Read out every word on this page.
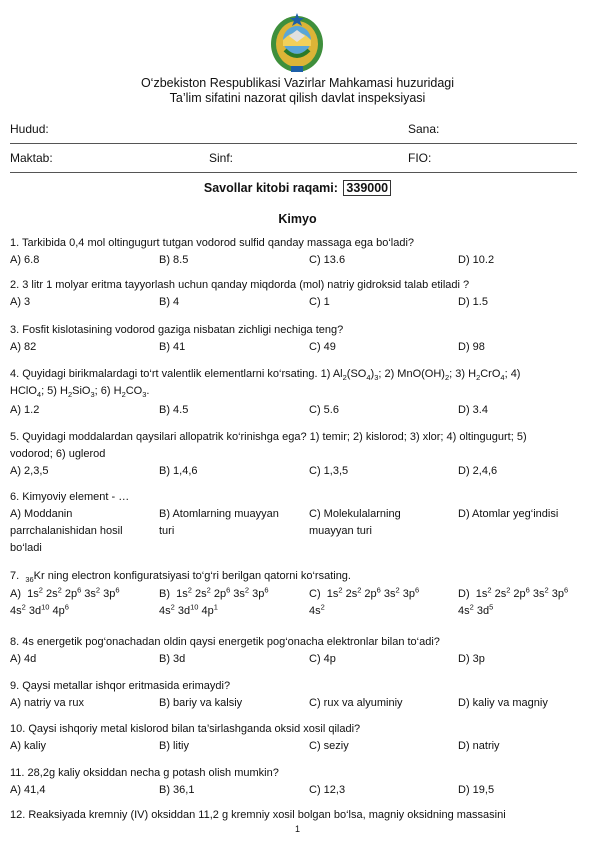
O‘zbekiston Respublikasi Vazirlar Mahkamasi huzuridagi
Ta’lim sifatini nazorat qilish davlat inspeksiyasi
Hudud:	Sana:
Maktab:	Sinf:	FIO:
Savollar kitobi raqami: 339000
Kimyo
1. Tarkibida 0,4 mol oltingugurt tutgan vodorod sulfid qanday massaga ega bo‘ladi?
A) 6.8	B) 8.5	C) 13.6	D) 10.2
2. 3 litr 1 molyar eritma tayyorlash uchun qanday miqdorda (mol) natriy gidroksid talab etiladi ?
A) 3	B) 4	C) 1	D) 1.5
3. Fosfit kislotasining vodorod gaziga nisbatan zichligi nechiga teng?
A) 82	B) 41	C) 49	D) 98
4. Quyidagi birikmalardagi to‘rt valentlik elementlarni ko‘rsating. 1) $Al_2(SO_4)_3$; 2) $MnO(OH)_2$; 3) $H_2CrO_4$; 4)
HClO$_4$; 5) $H_2SiO_3$; 6) $H_2CO_3$.
A) 1.2	B) 4.5	C) 5.6	D) 3.4
5. Quyidagi moddalardan qaysilari allopatrik ko‘rinishga ega? 1) temir; 2) kislorod; 3) xlor; 4) oltingugurt; 5)
vodorod; 6) uglerod
A) 2,3,5	B) 1,4,6	C) 1,3,5	D) 2,4,6
6. Kimyoviy element - …
A) Moddanin parrchalanishidan hosil bo‘ladi
B) Atomlarning muayyan turi
C) Molekulalarning muayyan turi
D) Atomlar yeg‘indisi
7. $_{36}$Kr ning electron konfiguratsiyasi to‘g‘ri berilgan qatorni ko‘rsating.
A)  $1s^2$ $2s^2$ $2p^6$ $3s^2$ $3p^6$
$4s^2$ $3d^{10}$ $4p^6$
B)  $1s^2$ $2s^2$ $2p^6$ $3s^2$ $3p^6$
$4s^2$ $3d^{10}$ $4p^1$
C)  $1s^2$ $2s^2$ $2p^6$ $3s^2$ $3p^6$
$4s^2$
D)  $1s^2$ $2s^2$ $2p^6$ $3s^2$ $3p^6$
$4s^2$ $3d^5$
8. 4s energetik pog‘onachadan oldin qaysi energetik pog‘onacha elektronlar bilan to‘adi?
A) 4d	B) 3d	C) 4p	D) 3p
9. Qaysi metallar ishqor eritmasida erimaydi?
A) natriy va rux	B) bariy va kalsiy	C) rux va alyuminiy	D) kaliy va magniy
10. Qaysi ishqoriy metal kislorod bilan ta’sirlashganda oksid xosil qiladi?
A) kaliy	B) litiy	C) seziy	D) natriy
11. 28,2g kaliy oksiddan necha g potash olish mumkin?
A) 41,4	B) 36,1	C) 12,3	D) 19,5
12. Reaksiyada kremniy (IV) oksiddan 11,2 g kremniy xosil bolgan bo‘lsa, magniy oksidning massasini
1
